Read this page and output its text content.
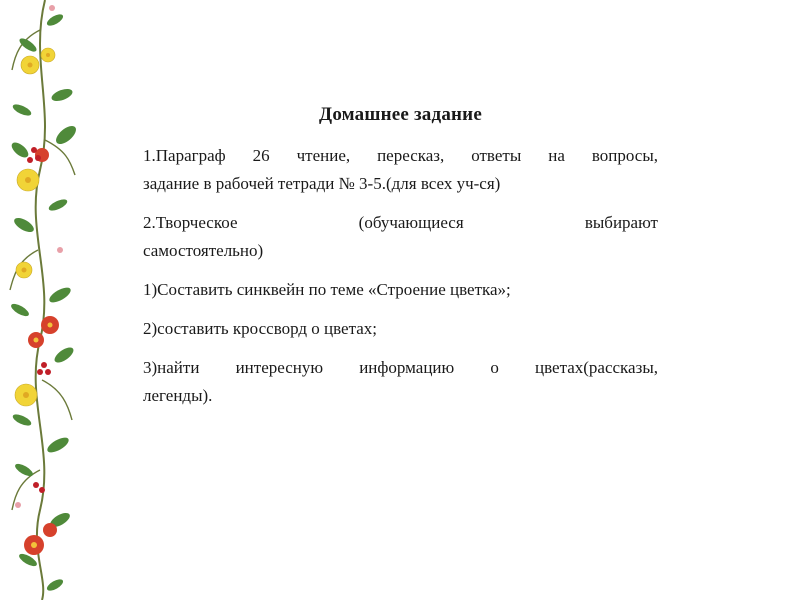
Домашнее задание
1.Параграф 26 чтение, пересказ, ответы на вопросы,
задание в рабочей тетради № 3-5.(для всех уч-ся)
2.Творческое (обучающиеся выбирают
самостоятельно)
1)Составить синквейн по теме «Строение цветка»;
2)составить кроссворд о цветах;
3)найти интересную информацию о цветах(рассказы,
легенды).
